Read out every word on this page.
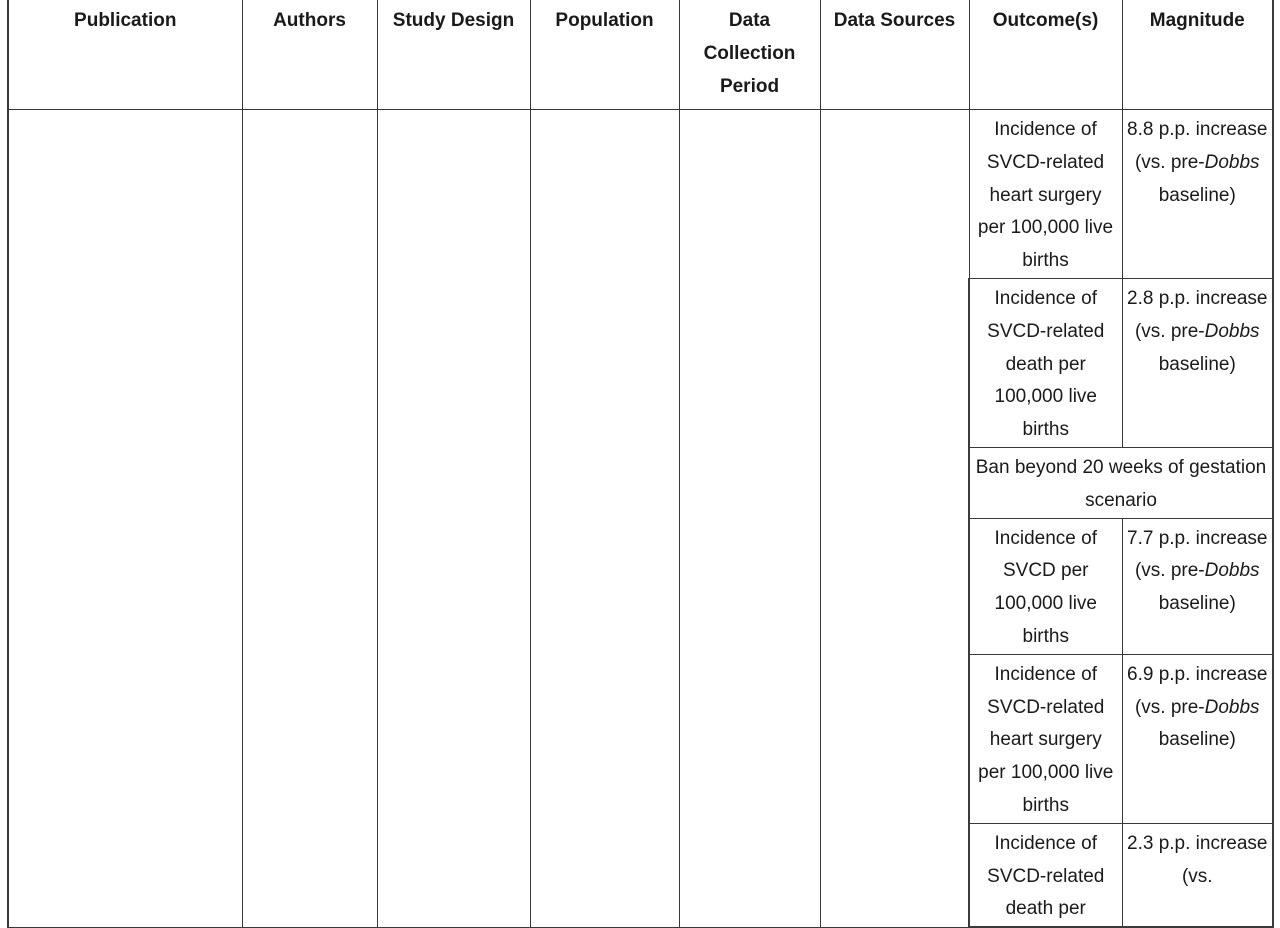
Publication	Authors	Study Design	Population	Data Collection Period	Data Sources	Outcome(s)	Magnitude
						Incidence of SVCD-related heart surgery per 100,000 live births	8.8 p.p. increase (vs. pre-Dobbs baseline)
						Incidence of SVCD-related death per 100,000 live births	2.8 p.p. increase (vs. pre-Dobbs baseline)
						Ban beyond 20 weeks of gestation scenario	
						Incidence of SVCD per 100,000 live births	7.7 p.p. increase (vs. pre-Dobbs baseline)
						Incidence of SVCD-related heart surgery per 100,000 live births	6.9 p.p. increase (vs. pre-Dobbs baseline)
						Incidence of SVCD-related death per	2.3 p.p. increase (vs.
